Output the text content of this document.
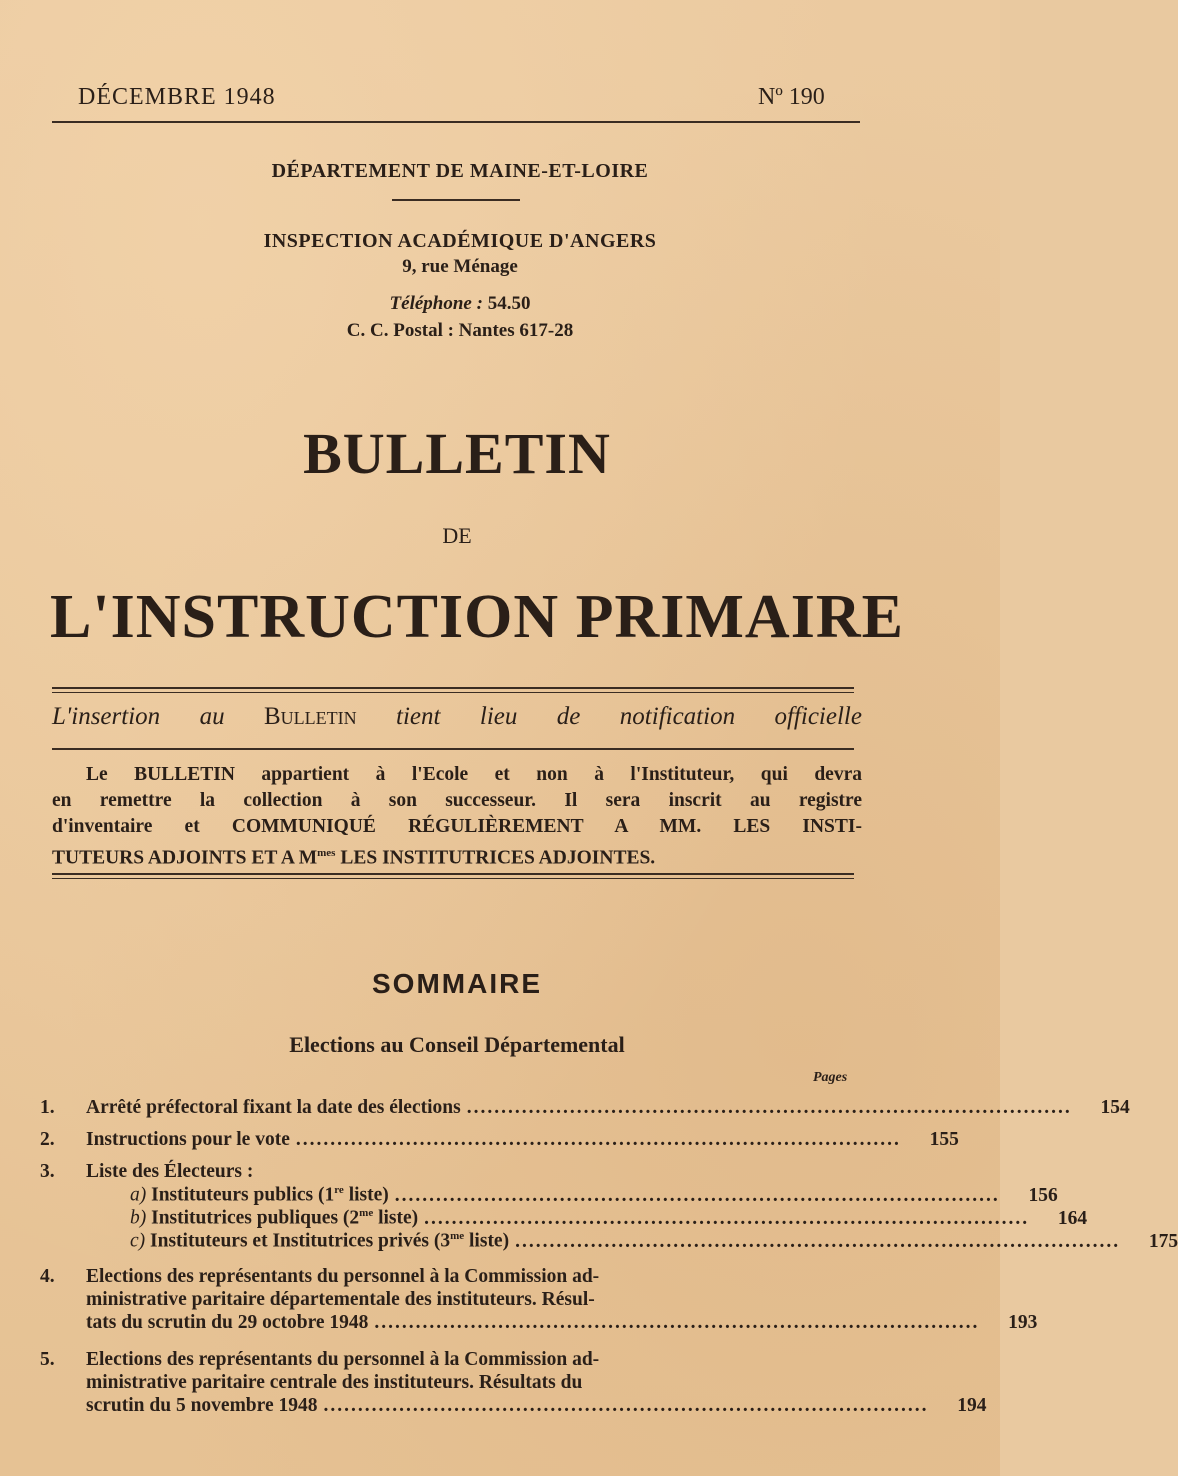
DÉCEMBRE 1948	Nº 190
DÉPARTEMENT DE MAINE-ET-LOIRE
INSPECTION ACADÉMIQUE D'ANGERS
9, rue Ménage
Téléphone : 54.50
C. C. Postal : Nantes 617-28
BULLETIN
DE
L'INSTRUCTION PRIMAIRE
L'insertion au Bulletin tient lieu de notification officielle

Le BULLETIN appartient à l'Ecole et non à l'Instituteur, qui devra

en remettre la collection à son successeur. Il sera inscrit au registre

d'inventaire et COMMUNIQUÉ RÉGULIÈREMENT A MM. LES INSTI-

TUTEURS ADJOINTS ET A $M^{mes}$ LES INSTITUTRICES ADJOINTES.

SOMMAIRE
Elections au Conseil Départemental
Pages
1.	Arrêté préfectoral fixant la date des élections ........................................................................................	154
2.	Instructions pour le vote ........................................................................................	155
3.	Liste des Électeurs :
a) Instituteurs publics (1re liste) ........................................................................................	156
b) Institutrices publiques ($2^{me}$ liste) ........................................................................................	164
c) Instituteurs et Institutrices privés ($3^{me}$ liste) ........................................................................................	175
4. Elections des représentants du personnel à la Commission ad-
ministrative paritaire départementale des instituteurs. Résul-
tats du scrutin du 29 octobre 1948 ........................................................................................	193
5. Elections des représentants du personnel à la Commission ad-
ministrative paritaire centrale des instituteurs. Résultats du
scrutin du 5 novembre 1948 ........................................................................................	194
